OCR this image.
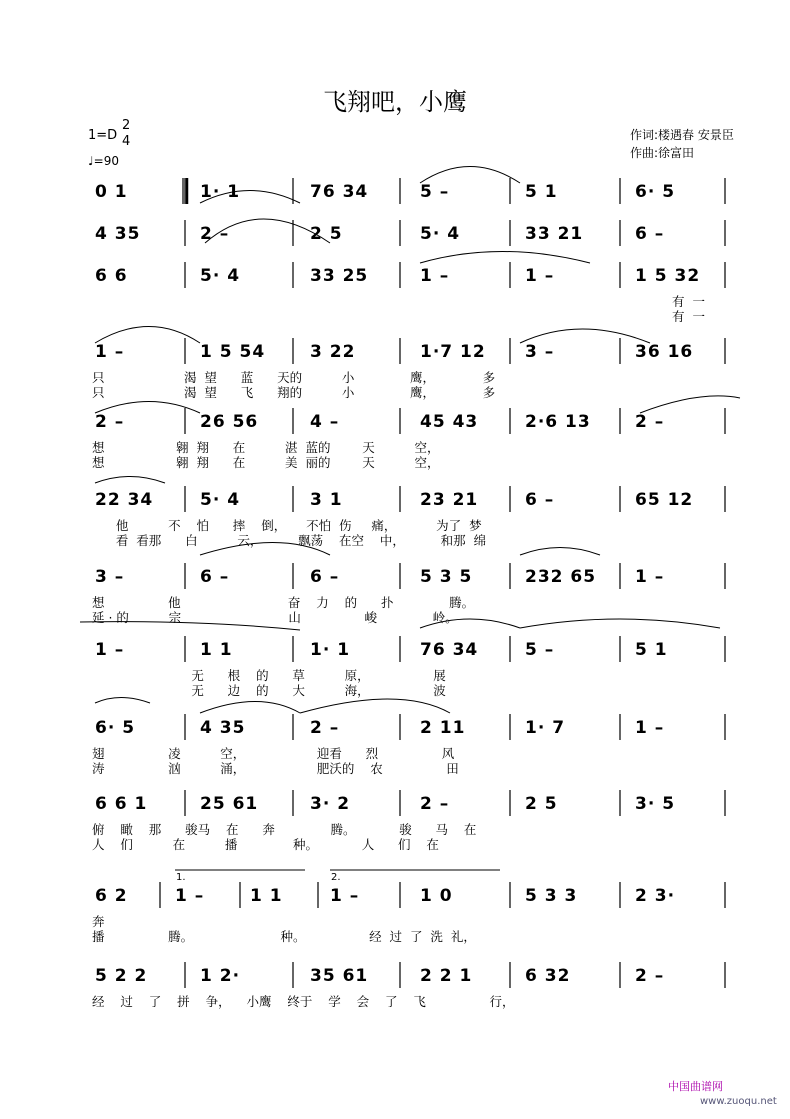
1.	2.
飞翔吧，小鹰
1=D
2
4
♩=90
作词:楼遇春 安景臣
作曲:徐富田
0 1	1· 1	76 34	5 –	5 1	6· 5
4 35	2 –	2 5	5· 4	33 21	6 –
6 6	5· 4	33 25	1 –	1 –	1 5 32
有  一
有  一
1 –	1 5 54	3 22	1·7 12 3 –	36 16
只                    渴  望      蓝      天的          小              鹰，            多
只                    渴  望      飞      翔的          小              鹰，            多
2 –	26 56	4 –	45 43	2·6 13	2 –
想                  翱  翔      在          湛  蓝的        天          空，
想                  翱  翔      在          美  丽的        天          空，
22 34	5· 4	3 1	23 21	6 –	65 12
他          不    怕      摔    倒，     不怕  伤     痛，          为了  梦
看  看那      白          云，         飘荡    在空    中，         和那  绵
3 –	6 –	6 –	5 3 5	232 65 1 –
想                他                           奋    力    的      扑              腾。
延 · 的          宗                           山                峻              岭。
1 –	1 1	1· 1	76 34	5 –	5 1
无      根    的      草          原，                展
无      边    的      大          海，                波
6· 5	4 35	2 –	2 11	1· 7	1 –
翅                凌          空，                  迎看      烈                风
涛                汹          涌，                  肥沃的    农                田
6 6 1	25 61	3· 2	2 –	2 5	3· 5
俯    瞰    那      骏马    在      奔              腾。           骏      马    在
人    们          在          播              种。           人      们    在
6 2	1 –	1 1	1 –	1 0	5 3 3	2 3·
奔
播                腾。                      种。                经  过  了  洗  礼，
5 2 2	1 2·	35 61	2 2 1	6 32	2 –
经    过    了    拼    争，    小鹰    终于    学    会    了    飞                行，
中国曲谱网
www.zuoqu.net
